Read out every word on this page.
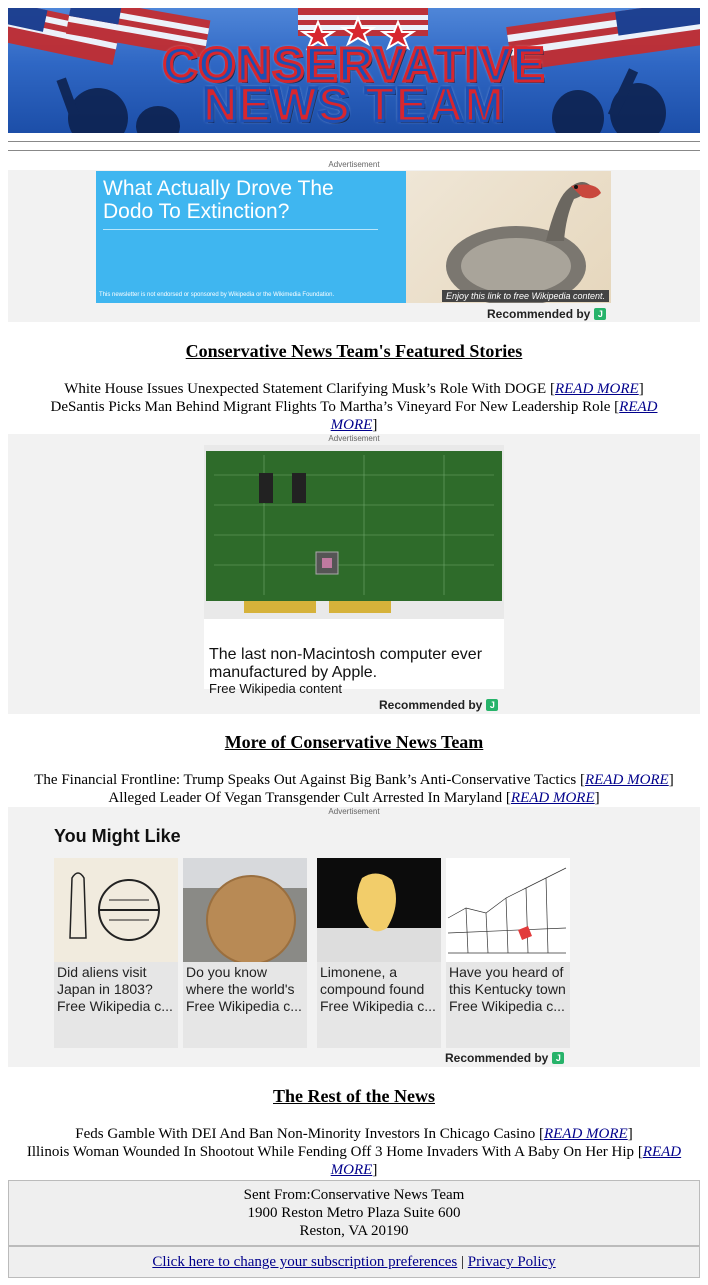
CONSERVATIVE
NEWS TEAM
Advertisement
What Actually Drove The Dodo To Extinction?
This newsletter is not endorsed or sponsored by Wikipedia or the Wikimedia Foundation.	Enjoy this link to free Wikipedia content.
Recommended by J
Conservative News Team's Featured Stories
White House Issues Unexpected Statement Clarifying Musk’s Role With DOGE [READ MORE]
DeSantis Picks Man Behind Migrant Flights To Martha’s Vineyard For New Leadership Role [READ MORE]
Advertisement
The last non-Macintosh computer ever manufactured by Apple.
Free Wikipedia content
Recommended by J
More of Conservative News Team
The Financial Frontline: Trump Speaks Out Against Big Bank’s Anti-Conservative Tactics [READ MORE]
Alleged Leader Of Vegan Transgender Cult Arrested In Maryland [READ MORE]
Advertisement
You Might Like
Did aliens visit Japan in 1803?
Free Wikipedia c...
Do you know where the world's
Free Wikipedia c...
Limonene, a compound found
Free Wikipedia c...
Have you heard of this Kentucky town
Free Wikipedia c...
Recommended by J
The Rest of the News
Feds Gamble With DEI And Ban Non-Minority Investors In Chicago Casino [READ MORE]
Illinois Woman Wounded In Shootout While Fending Off 3 Home Invaders With A Baby On Her Hip [READ MORE]
Sent From:Conservative News Team
1900 Reston Metro Plaza Suite 600
Reston, VA 20190
Click here to change your subscription preferences | Privacy Policy
